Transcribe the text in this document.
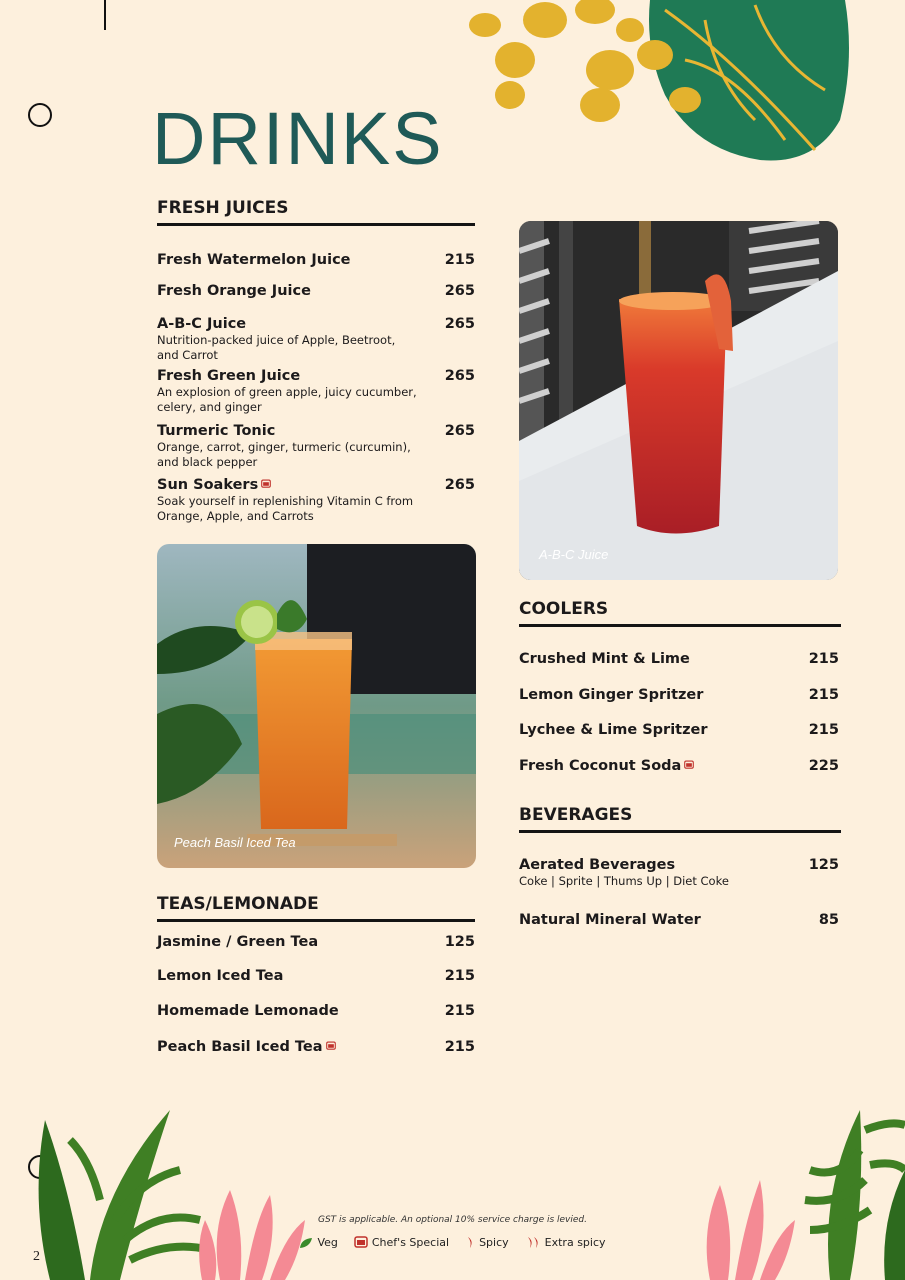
DRINKS
FRESH JUICES
Fresh Watermelon Juice	215
Fresh Orange Juice	265
A-B-C Juice	265
Nutrition-packed juice of Apple, Beetroot, and Carrot
Fresh Green Juice	265
An explosion of green apple, juicy cucumber, celery, and ginger
Turmeric Tonic	265
Orange, carrot, ginger, turmeric (curcumin), and black pepper
Sun Soakers	265
Soak yourself in replenishing Vitamin C from Orange, Apple, and Carrots
A-B-C Juice
Peach Basil Iced Tea
TEAS/LEMONADE
Jasmine / Green Tea	125
Lemon Iced Tea	215
Homemade Lemonade	215
Peach Basil Iced Tea	215
COOLERS
Crushed Mint & Lime	215
Lemon Ginger Spritzer	215
Lychee & Lime Spritzer	215
Fresh Coconut Soda	225
BEVERAGES
Aerated Beverages	125
Coke | Sprite | Thums Up | Diet Coke
Natural Mineral Water	85
2
GST is applicable. An optional 10% service charge is levied.
Veg	Chef's Special	Spicy	Extra spicy
